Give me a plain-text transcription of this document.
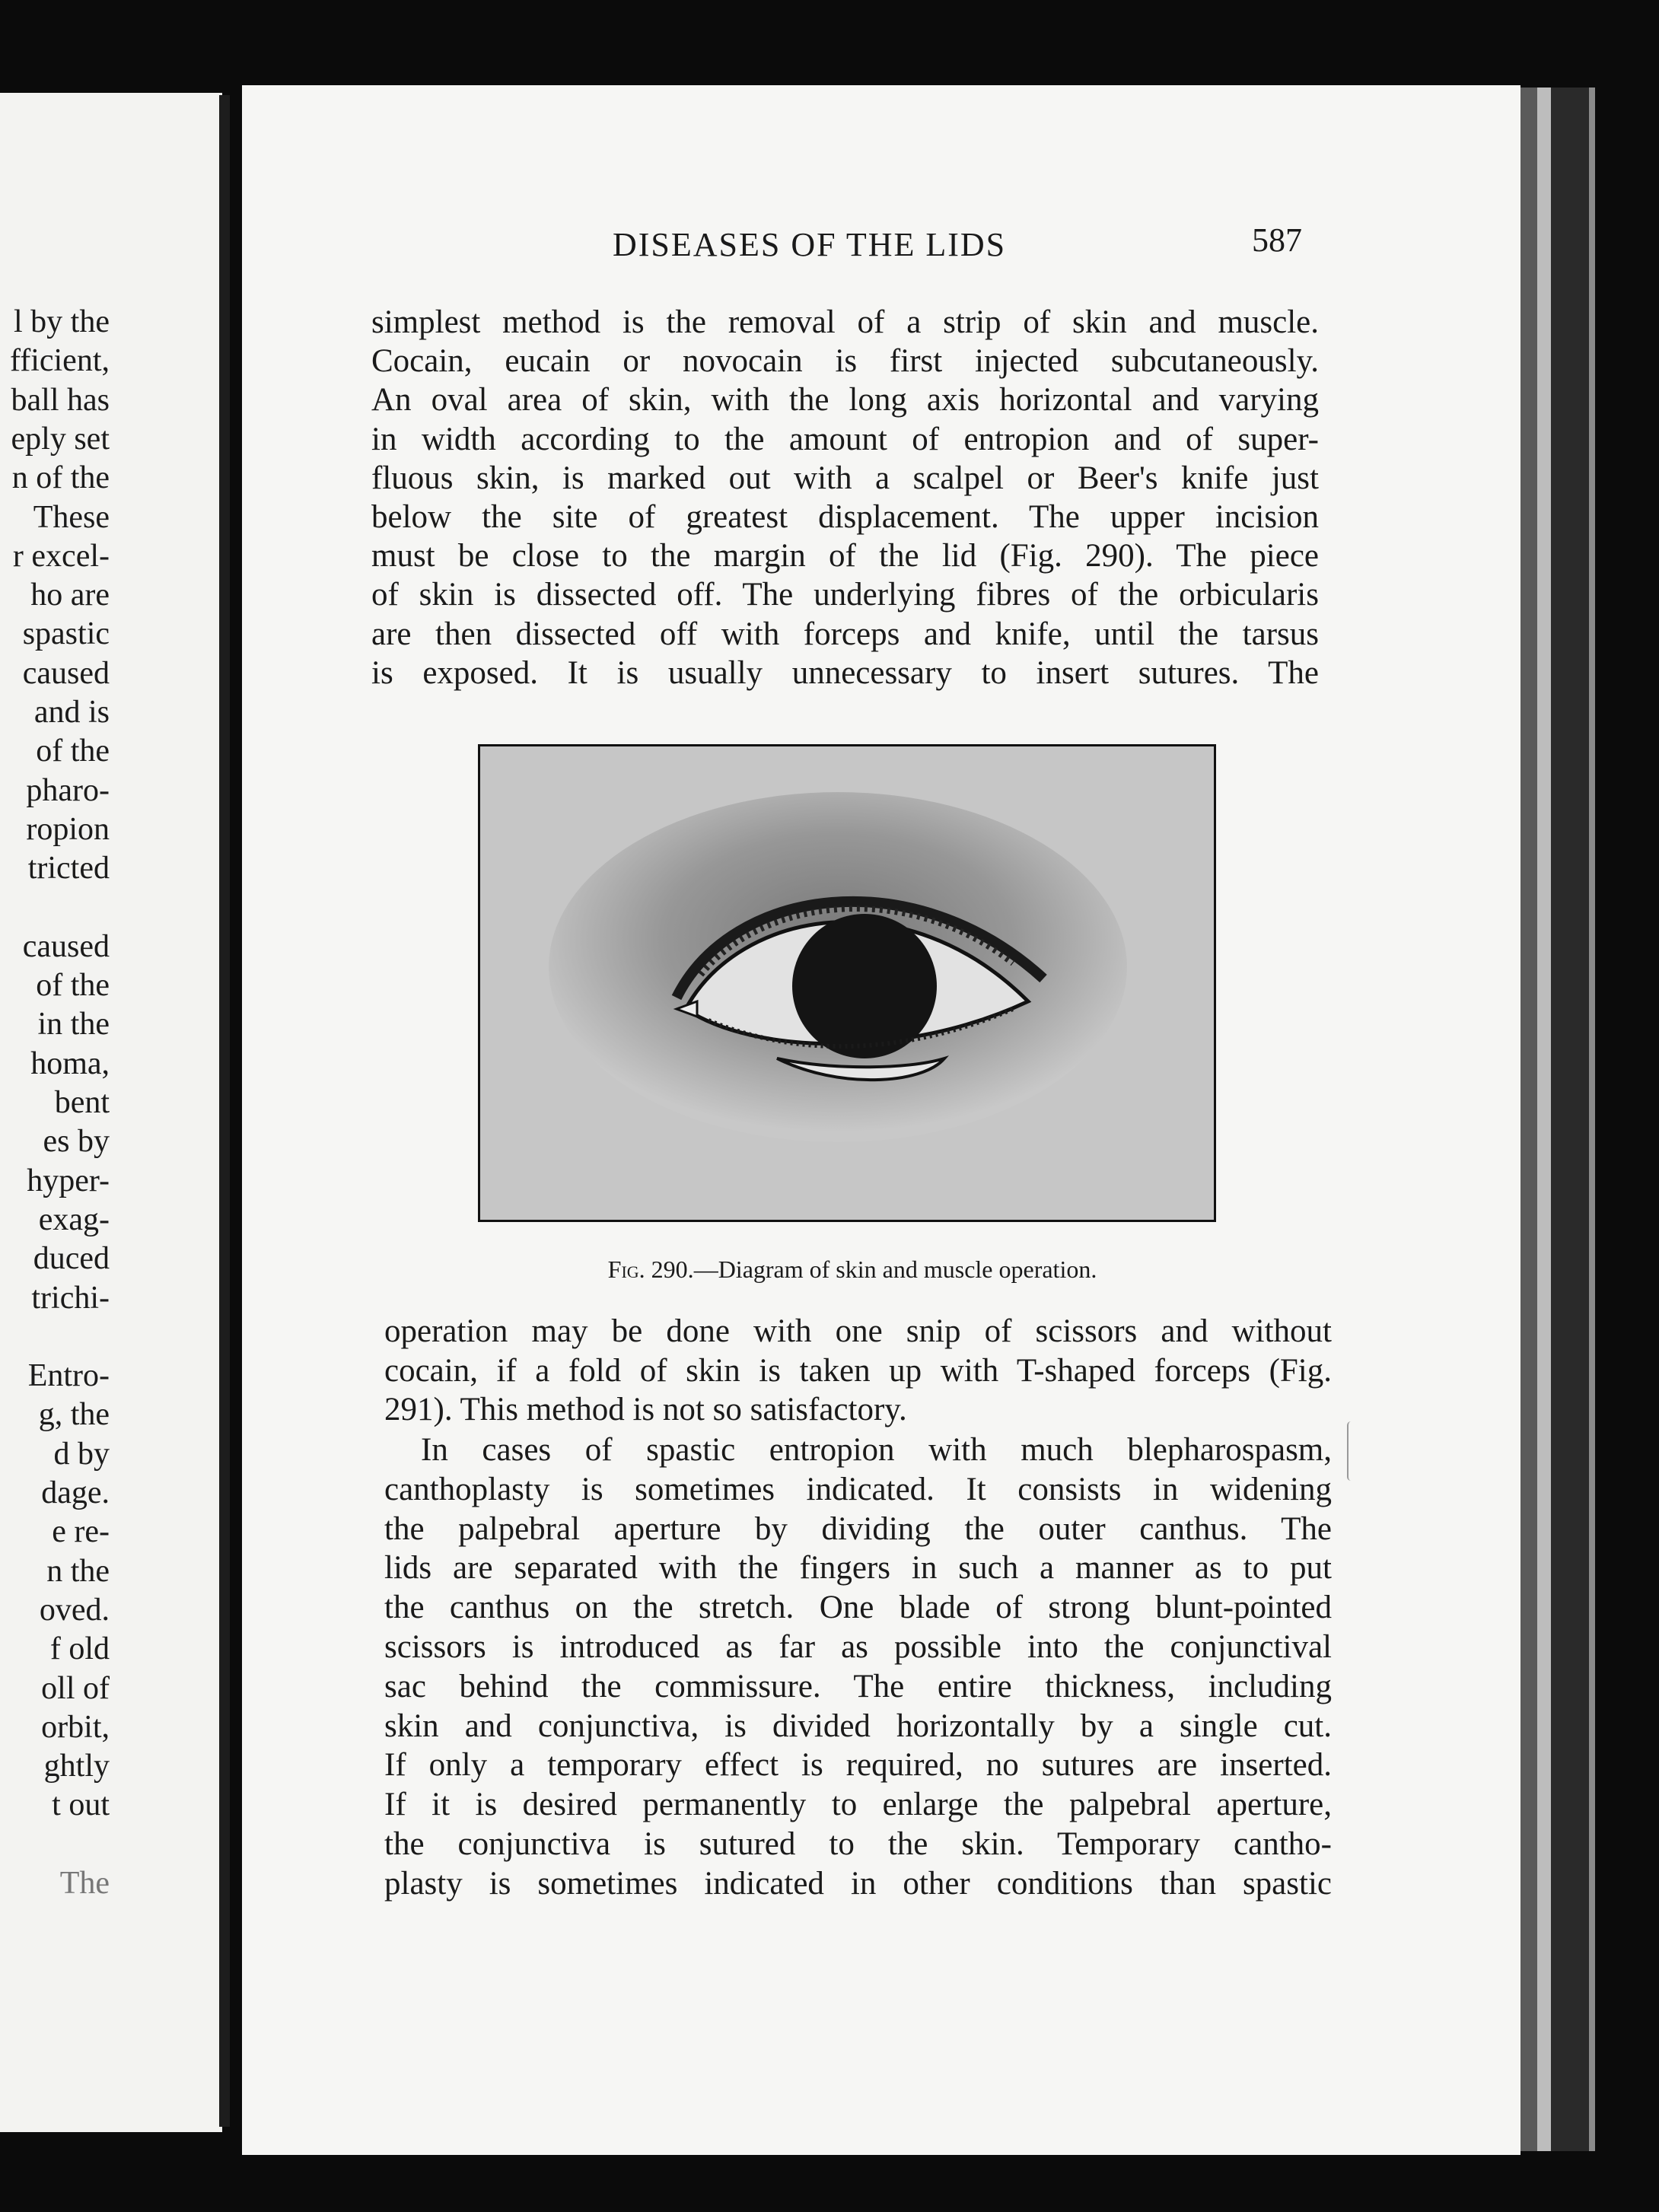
l by the
fficient,
ball has
eply set
n of the
These
r excel-
ho are
spastic
caused
and is
of the
pharo-
ropion
tricted
caused
of the
in the
homa,
bent
es by
hyper-
exag-
duced
trichi-
Entro-
g, the
d by
dage.
e re-
n the
oved.
f old
oll of
orbit,
ghtly
t out
The
DISEASES OF THE LIDS	587
simplest method is the removal of a strip of skin and muscle.
Cocain, eucain or novocain is first injected subcutaneously.
An oval area of skin, with the long axis horizontal and varying
in width according to the amount of entropion and of super-
fluous skin, is marked out with a scalpel or Beer's knife just
below the site of greatest displacement. The upper incision
must be close to the margin of the lid (Fig. 290). The piece
of skin is dissected off. The underlying fibres of the orbicularis
are then dissected off with forceps and knife, until the tarsus
is exposed. It is usually unnecessary to insert sutures. The
Fig. 290.—Diagram of skin and muscle operation.
operation may be done with one snip of scissors and without
cocain, if a fold of skin is taken up with T-shaped forceps (Fig.
291). This method is not so satisfactory.
In cases of spastic entropion with much blepharospasm,
canthoplasty is sometimes indicated. It consists in widening
the palpebral aperture by dividing the outer canthus. The
lids are separated with the fingers in such a manner as to put
the canthus on the stretch. One blade of strong blunt-pointed
scissors is introduced as far as possible into the conjunctival
sac behind the commissure. The entire thickness, including
skin and conjunctiva, is divided horizontally by a single cut.
If only a temporary effect is required, no sutures are inserted.
If it is desired permanently to enlarge the palpebral aperture,
the conjunctiva is sutured to the skin. Temporary cantho-
plasty is sometimes indicated in other conditions than spastic
